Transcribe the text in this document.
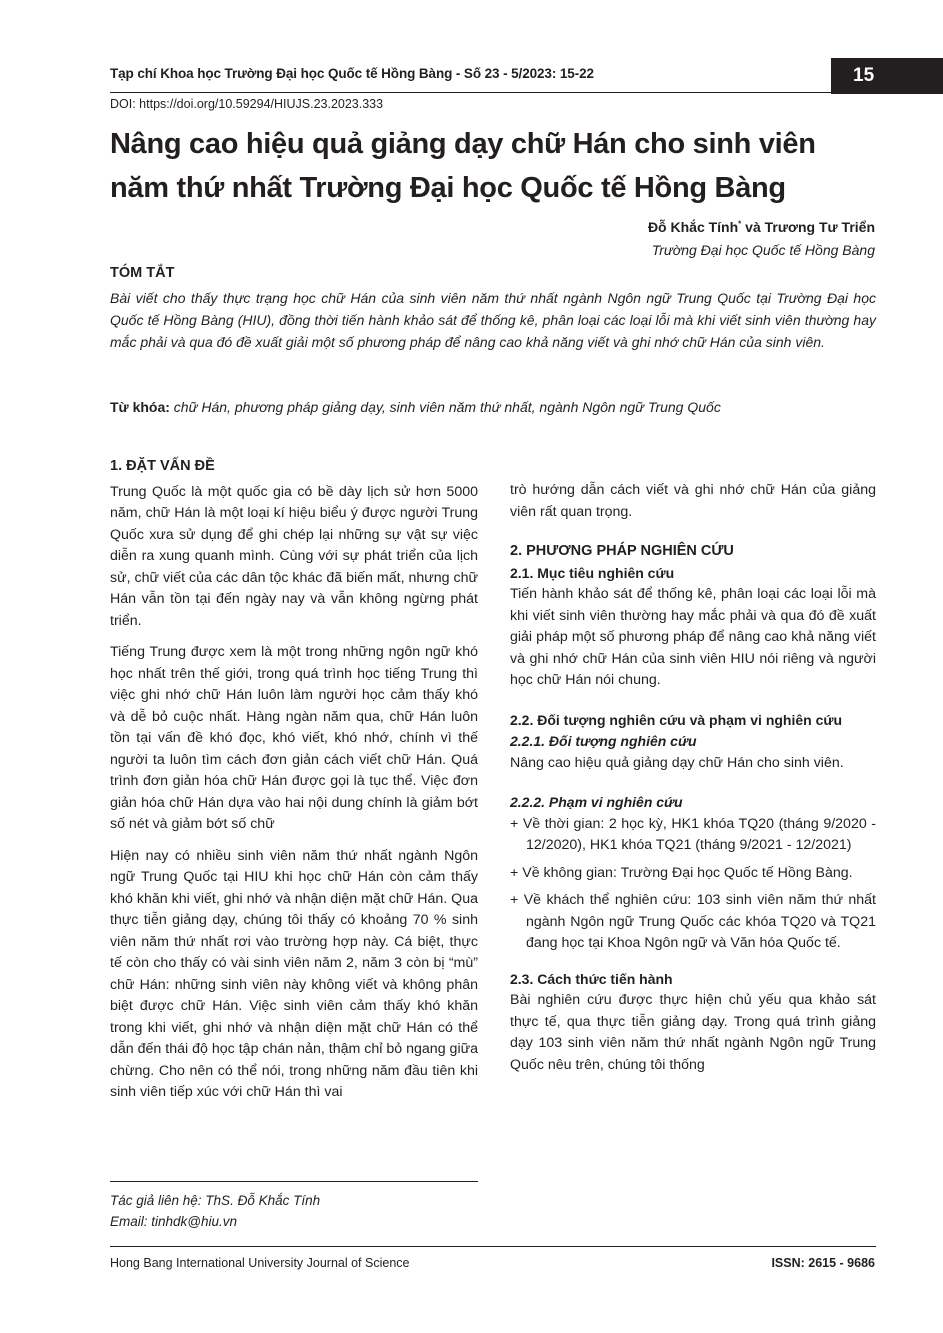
Tạp chí Khoa học Trường Đại học Quốc tế Hồng Bàng - Số 23 - 5/2023: 15-22	15
DOI: https://doi.org/10.59294/HIUJS.23.2023.333
Nâng cao hiệu quả giảng dạy chữ Hán cho sinh viên
năm thứ nhất Trường Đại học Quốc tế Hồng Bàng
Đỗ Khắc Tính* và Trương Tư Triển
Trường Đại học Quốc tế Hồng Bàng
TÓM TẮT
Bài viết cho thấy thực trạng học chữ Hán của sinh viên năm thứ nhất ngành Ngôn ngữ Trung Quốc tại Trường Đại học Quốc tế Hồng Bàng (HIU), đồng thời tiến hành khảo sát để thống kê, phân loại các loại lỗi mà khi viết sinh viên thường hay mắc phải và qua đó đề xuất giải một số phương pháp để nâng cao khả năng viết và ghi nhớ chữ Hán của sinh viên.
Từ khóa: chữ Hán, phương pháp giảng dạy, sinh viên năm thứ nhất, ngành Ngôn ngữ Trung Quốc
1. ĐẶT VẤN ĐỀ

Trung Quốc là một quốc gia có bề dày lịch sử hơn 5000 năm, chữ Hán là một loại kí hiệu biểu ý được người Trung Quốc xưa sử dụng để ghi chép lại những sự vật sự việc diễn ra xung quanh mình. Cùng với sự phát triển của lịch sử, chữ viết của các dân tộc khác đã biến mất, nhưng chữ Hán vẫn tồn tại đến ngày nay và vẫn không ngừng phát triển.

Tiếng Trung được xem là một trong những ngôn ngữ khó học nhất trên thế giới, trong quá trình học tiếng Trung thì việc ghi nhớ chữ Hán luôn làm người học cảm thấy khó và dễ bỏ cuộc nhất. Hàng ngàn năm qua, chữ Hán luôn tồn tại vấn đề khó đọc, khó viết, khó nhớ, chính vì thế người ta luôn tìm cách đơn giản cách viết chữ Hán. Quá trình đơn giản hóa chữ Hán được gọi là tục thể. Việc đơn giản hóa chữ Hán dựa vào hai nội dung chính là giảm bớt số nét và giảm bớt số chữ

Hiện nay có nhiều sinh viên năm thứ nhất ngành Ngôn ngữ Trung Quốc tại HIU khi học chữ Hán còn cảm thấy khó khăn khi viết, ghi nhớ và nhận diện mặt chữ Hán. Qua thực tiễn giảng dạy, chúng tôi thấy có khoảng 70 % sinh viên năm thứ nhất rơi vào trường hợp này. Cá biệt, thực tế còn cho thấy có vài sinh viên năm 2, năm 3 còn bị “mù” chữ Hán: những sinh viên này không viết và không phân biệt được chữ Hán. Việc sinh viên cảm thấy khó khăn trong khi viết, ghi nhớ và nhận diện mặt chữ Hán có thể dẫn đến thái độ học tập chán nản, thậm chỉ bỏ ngang giữa chừng. Cho nên có thể nói, trong những năm đầu tiên khi sinh viên tiếp xúc với chữ Hán thì vai

trò hướng dẫn cách viết và ghi nhớ chữ Hán của giảng viên rất quan trọng.

2. PHƯƠNG PHÁP NGHIÊN CỨU
2.1. Mục tiêu nghiên cứu

Tiến hành khảo sát để thống kê, phân loại các loại lỗi mà khi viết sinh viên thường hay mắc phải và qua đó đề xuất giải pháp một số phương pháp để nâng cao khả năng viết và ghi nhớ chữ Hán của sinh viên HIU nói riêng và người học chữ Hán nói chung.

2.2. Đối tượng nghiên cứu và phạm vi nghiên cứu
2.2.1. Đối tượng nghiên cứu

Nâng cao hiệu quả giảng dạy chữ Hán cho sinh viên.

2.2.2. Phạm vi nghiên cứu

+ Về thời gian: 2 học kỳ, HK1 khóa TQ20 (tháng 9/2020 - 12/2020), HK1 khóa TQ21 (tháng 9/2021 - 12/2021)

+ Về không gian: Trường Đại học Quốc tế Hồng Bàng.

+ Về khách thể nghiên cứu: 103 sinh viên năm thứ nhất ngành Ngôn ngữ Trung Quốc các khóa TQ20 và TQ21 đang học tại Khoa Ngôn ngữ và Văn hóa Quốc tế.

2.3. Cách thức tiến hành

Bài nghiên cứu được thực hiện chủ yếu qua khảo sát thực tế, qua thực tiễn giảng dạy. Trong quá trình giảng dạy 103 sinh viên năm thứ nhất ngành Ngôn ngữ Trung Quốc nêu trên, chúng tôi thống

Tác giả liên hệ: ThS. Đỗ Khắc Tính
Email: tinhdk@hiu.vn
Hong Bang International University Journal of Science	ISSN: 2615 - 9686
